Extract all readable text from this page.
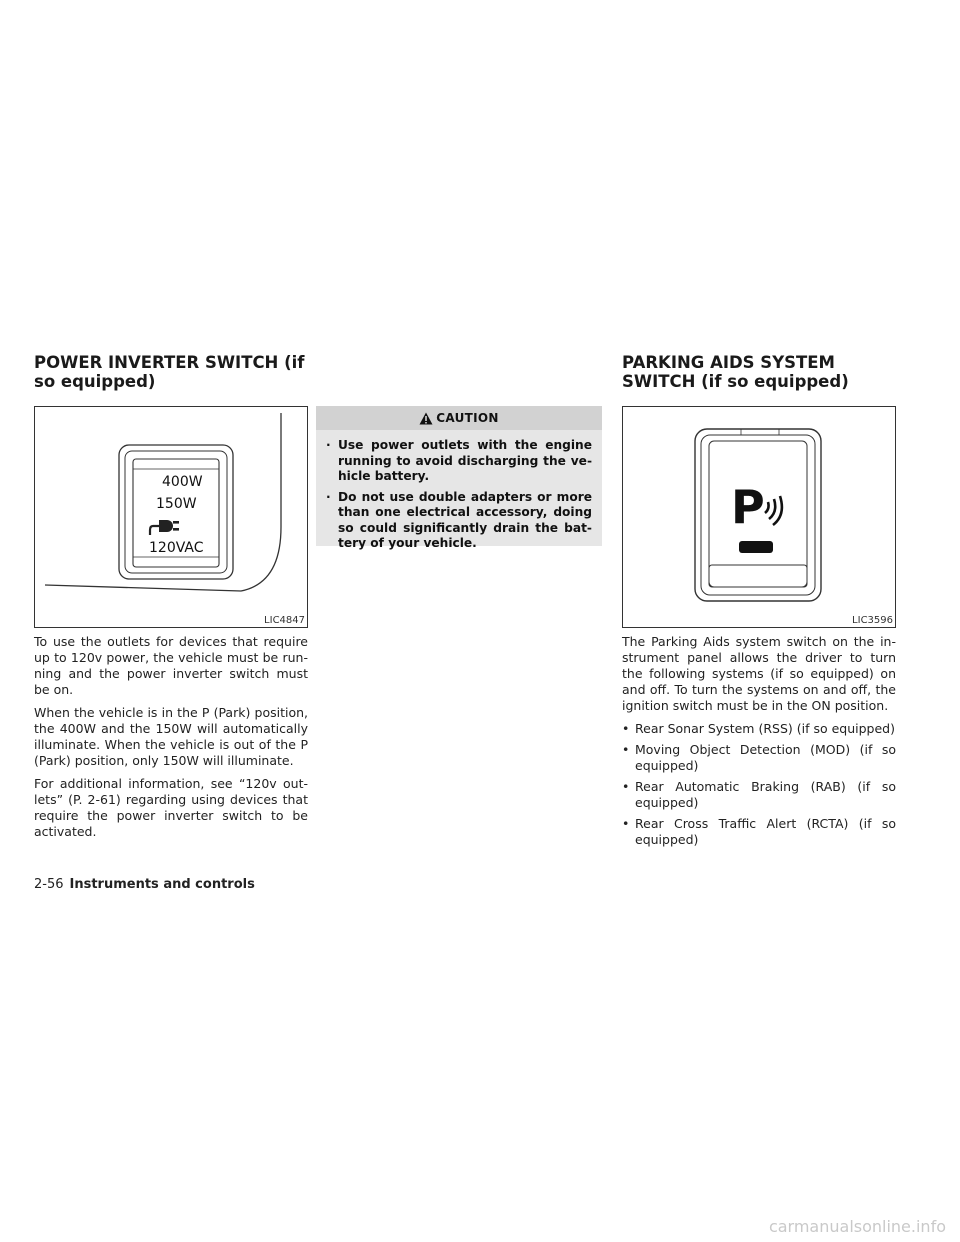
POWER INVERTER SWITCH (if so equipped)
400W
150W
120VAC
LIC4847

To use the outlets for devices that require up to 120v power, the vehicle must be run-ning and the power inverter switch must be on.

When the vehicle is in the P (Park) position, the 400W and the 150W will automatically illuminate. When the vehicle is out of the P (Park) position, only 150W will illuminate.

For additional information, see “120v out-lets” (P. 2-61) regarding using devices that require the power inverter switch to be activated.

CAUTION
· Use power outlets with the engine running to avoid discharging the ve-hicle battery.
· Do not use double adapters or more than one electrical accessory, doing so could significantly drain the bat-tery of your vehicle.
PARKING AIDS SYSTEM SWITCH (if so equipped)
P
LIC3596

The Parking Aids system switch on the in-strument panel allows the driver to turn the following systems (if so equipped) on and off. To turn the systems on and off, the ignition switch must be in the ON position.

• Rear Sonar System (RSS) (if so equipped)
• Moving Object Detection (MOD) (if so equipped)
• Rear Automatic Braking (RAB) (if so equipped)
• Rear Cross Traffic Alert (RCTA) (if so equipped)
2-56 Instruments and controls
carmanualsonline.info
